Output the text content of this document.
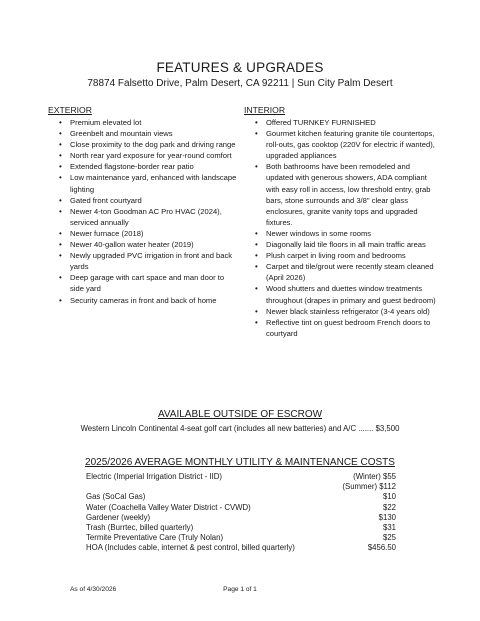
FEATURES & UPGRADES
78874 Falsetto Drive, Palm Desert, CA 92211 | Sun City Palm Desert
EXTERIOR
• Premium elevated lot
• Greenbelt and mountain views
• Close proximity to the dog park and driving range
• North rear yard exposure for year-round comfort
• Extended flagstone-border rear patio
• Low maintenance yard, enhanced with landscape lighting
• Gated front courtyard
• Newer 4-ton Goodman AC Pro HVAC (2024), serviced annually
• Newer furnace (2018)
• Newer 40-gallon water heater (2019)
• Newly upgraded PVC irrigation in front and back yards
• Deep garage with cart space and man door to side yard
• Security cameras in front and back of home
INTERIOR
• Offered TURNKEY FURNISHED
• Gourmet kitchen featuring granite tile countertops, roll-outs, gas cooktop (220V for electric if wanted), upgraded appliances
• Both bathrooms have been remodeled and updated with generous showers, ADA compliant with easy roll in access, low threshold entry, grab bars, stone surrounds and 3/8" clear glass enclosures, granite vanity tops and upgraded fixtures.
• Newer windows in some rooms
• Diagonally laid tile floors in all main traffic areas
• Plush carpet in living room and bedrooms
• Carpet and tile/grout were recently steam cleaned (April 2026)
• Wood shutters and duettes window treatments throughout (drapes in primary and guest bedroom)
• Newer black stainless refrigerator (3-4 years old)
• Reflective tint on guest bedroom French doors to courtyard
AVAILABLE OUTSIDE OF ESCROW
Western Lincoln Continental 4-seat golf cart (includes all new batteries) and A/C ....... $3,500
2025/2026 AVERAGE MONTHLY UTILITY & MAINTENANCE COSTS
Electric (Imperial Irrigation District - IID)	(Winter) $55
(Summer) $112
Gas (SoCal Gas)	$10
Water (Coachella Valley Water District - CVWD)	$22
Gardener (weekly)	$130
Trash (Burrtec, billed quarterly)	$31
Termite Preventative Care (Truly Nolan)	$25
HOA (Includes cable, internet & pest control, billed quarterly)	$456.50
As of 4/30/2026	Page 1 of 1
